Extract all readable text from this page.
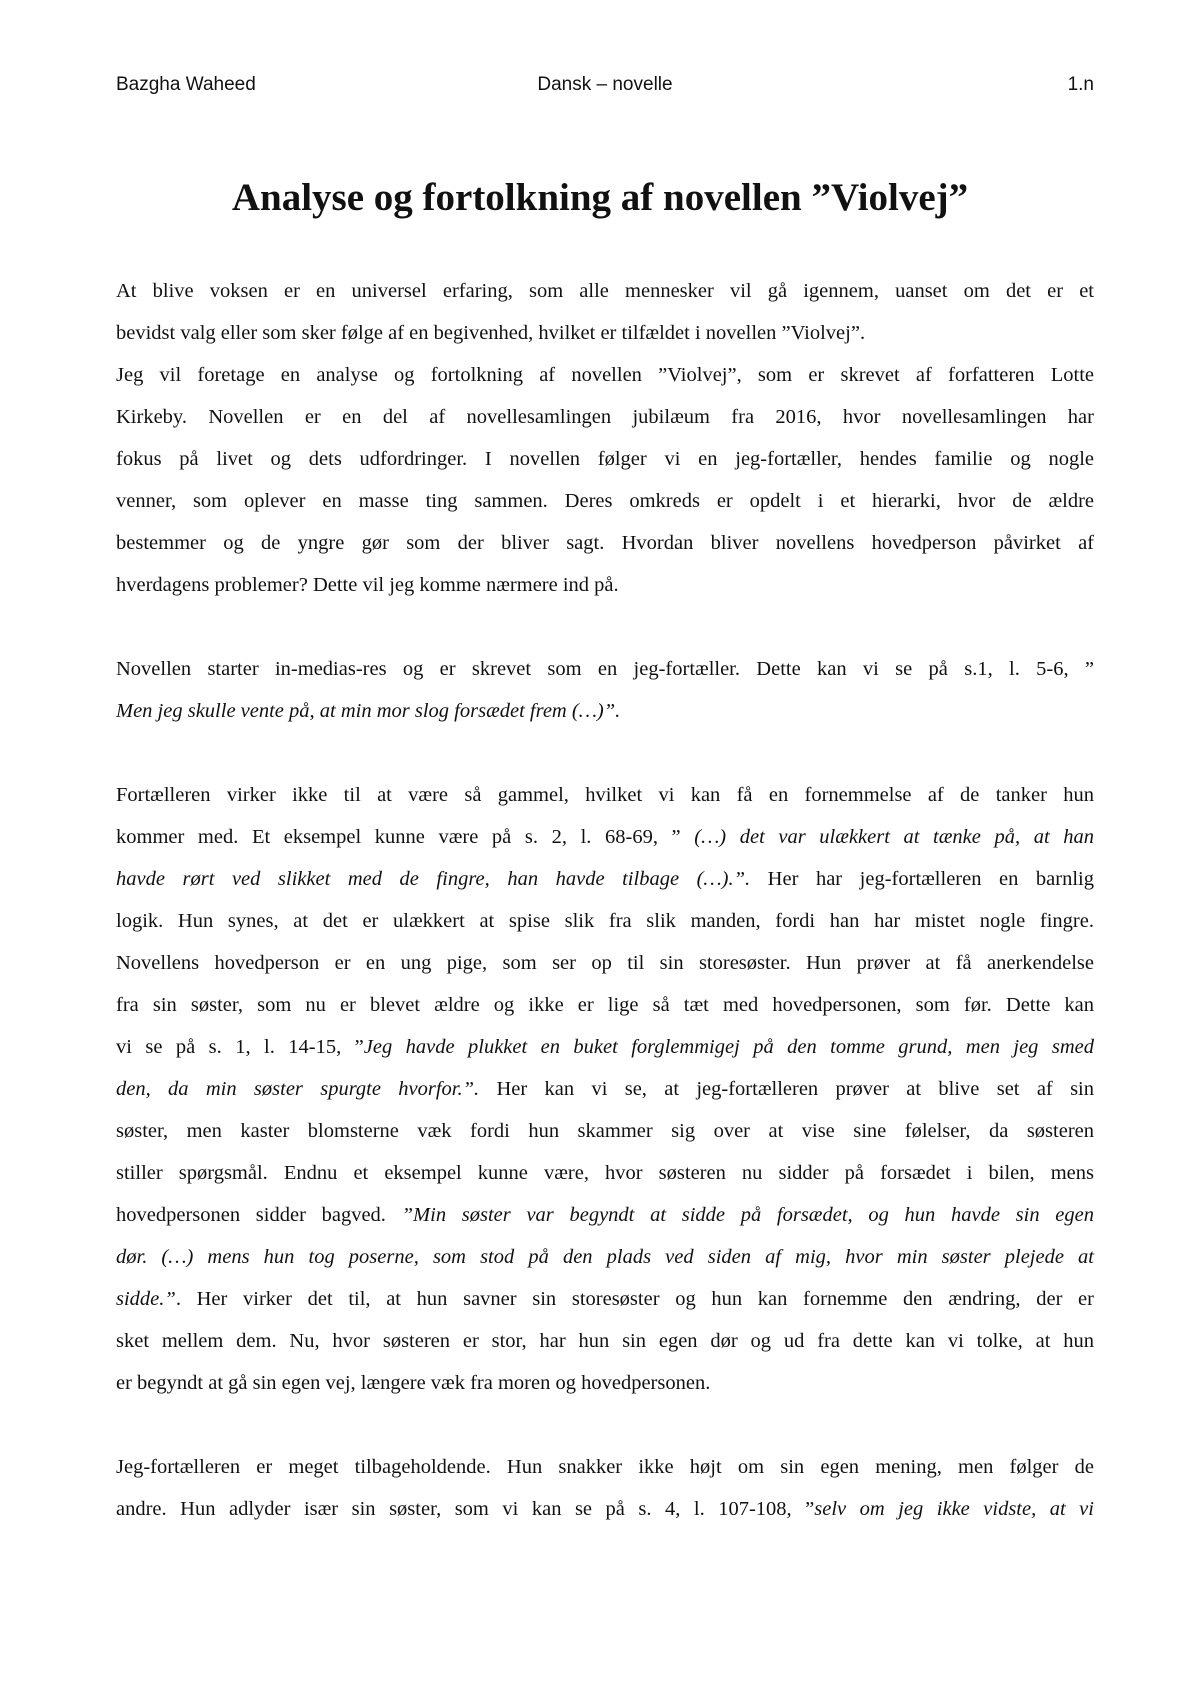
Bazgha Waheed	Dansk – novelle	1.n
Analyse og fortolkning af novellen ”Violvej”
At blive voksen er en universel erfaring, som alle mennesker vil gå igennem, uanset om det er et
bevidst valg eller som sker følge af en begivenhed, hvilket er tilfældet i novellen ”Violvej”.
Jeg vil foretage en analyse og fortolkning af novellen ”Violvej”, som er skrevet af forfatteren Lotte
Kirkeby. Novellen er en del af novellesamlingen jubilæum fra 2016, hvor novellesamlingen har
fokus på livet og dets udfordringer. I novellen følger vi en jeg-fortæller, hendes familie og nogle
venner, som oplever en masse ting sammen. Deres omkreds er opdelt i et hierarki, hvor de ældre
bestemmer og de yngre gør som der bliver sagt. Hvordan bliver novellens hovedperson påvirket af
hverdagens problemer? Dette vil jeg komme nærmere ind på.
Novellen starter in-medias-res og er skrevet som en jeg-fortæller. Dette kan vi se på s.1, l. 5-6, ”
Men jeg skulle vente på, at min mor slog forsædet frem (…)”.
Fortælleren virker ikke til at være så gammel, hvilket vi kan få en fornemmelse af de tanker hun
kommer med. Et eksempel kunne være på s. 2, l. 68-69, ” (…) det var ulækkert at tænke på, at han
havde rørt ved slikket med de fingre, han havde tilbage (…).”. Her har jeg-fortælleren en barnlig
logik. Hun synes, at det er ulækkert at spise slik fra slik manden, fordi han har mistet nogle fingre.
Novellens hovedperson er en ung pige, som ser op til sin storesøster. Hun prøver at få anerkendelse
fra sin søster, som nu er blevet ældre og ikke er lige så tæt med hovedpersonen, som før. Dette kan
vi se på s. 1, l. 14-15, ”Jeg havde plukket en buket forglemmigej på den tomme grund, men jeg smed
den, da min søster spurgte hvorfor.”. Her kan vi se, at jeg-fortælleren prøver at blive set af sin
søster, men kaster blomsterne væk fordi hun skammer sig over at vise sine følelser, da søsteren
stiller spørgsmål. Endnu et eksempel kunne være, hvor søsteren nu sidder på forsædet i bilen, mens
hovedpersonen sidder bagved. ”Min søster var begyndt at sidde på forsædet, og hun havde sin egen
dør. (…) mens hun tog poserne, som stod på den plads ved siden af mig, hvor min søster plejede at
sidde.”. Her virker det til, at hun savner sin storesøster og hun kan fornemme den ændring, der er
sket mellem dem. Nu, hvor søsteren er stor, har hun sin egen dør og ud fra dette kan vi tolke, at hun
er begyndt at gå sin egen vej, længere væk fra moren og hovedpersonen.
Jeg-fortælleren er meget tilbageholdende. Hun snakker ikke højt om sin egen mening, men følger de
andre. Hun adlyder især sin søster, som vi kan se på s. 4, l. 107-108, ”selv om jeg ikke vidste, at vi
